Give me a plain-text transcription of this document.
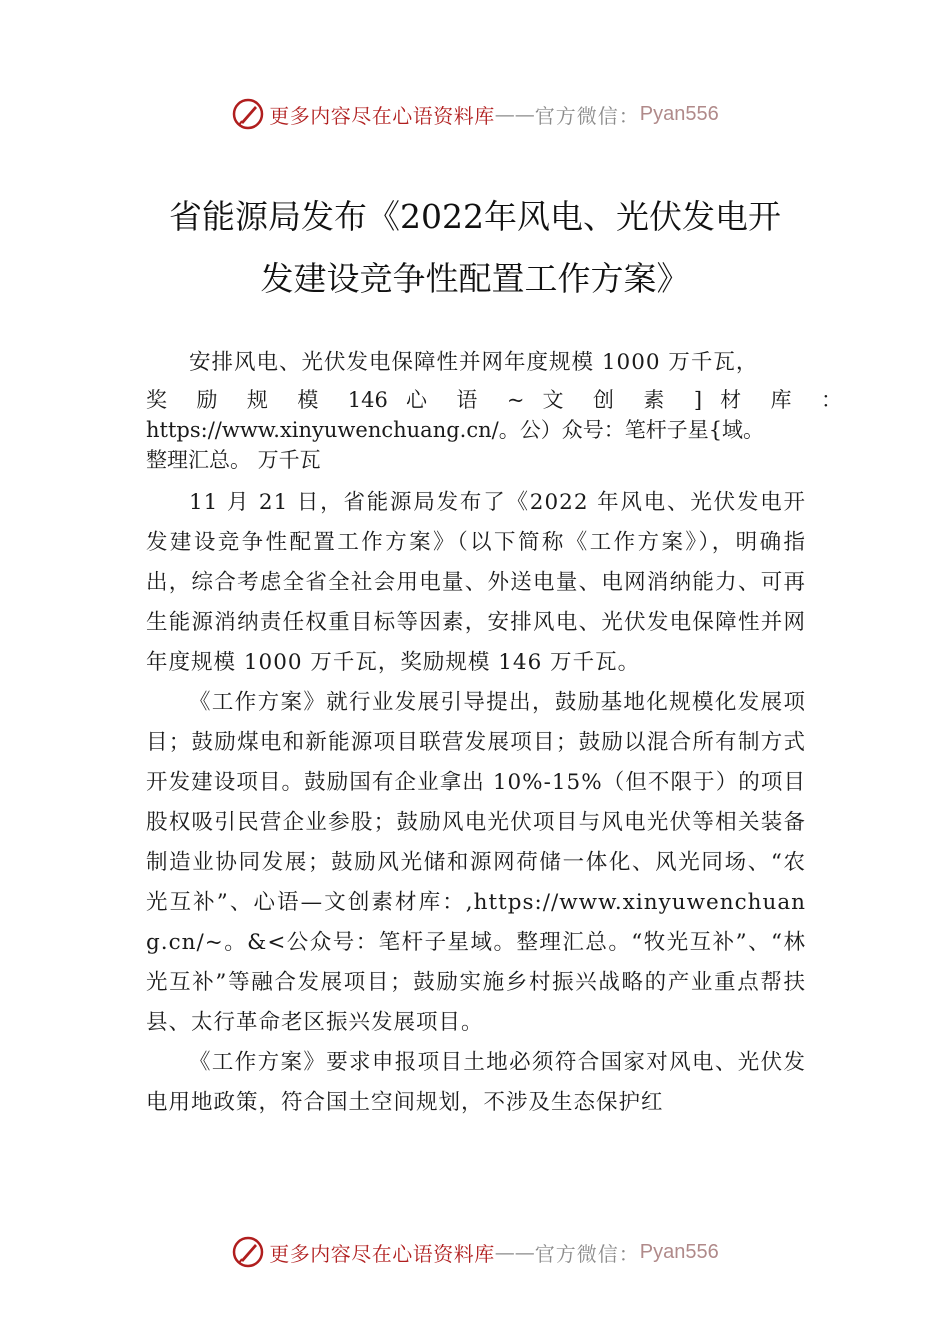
更多内容尽在心语资料库 —— 官方微信： Pyan556
省能源局发布《2022年风电、光伏发电开
发建设竞争性配置工作方案》

安排风电、光伏发电保障性并网年度规模 1000 万千瓦，

奖 励 规 模 146 心 语 ~ 文 创 素 ] 材 库 ：
https://www.xinyuwenchuang.cn/。公）众号：笔杆子星{域。
整理汇总。 万千瓦

11 月 21 日，省能源局发布了《2022 年风电、光伏发电开发建设竞争性配置工作方案》（以下简称《工作方案》），明确指出，综合考虑全省全社会用电量、外送电量、电网消纳能力、可再生能源消纳责任权重目标等因素，安排风电、光伏发电保障性并网年度规模 1000 万千瓦，奖励规模 146 万千瓦。

《工作方案》就行业发展引导提出，鼓励基地化规模化发展项目；鼓励煤电和新能源项目联营发展项目；鼓励以混合所有制方式开发建设项目。鼓励国有企业拿出 10%-15%（但不限于）的项目股权吸引民营企业参股；鼓励风电光伏项目与风电光伏等相关装备制造业协同发展；鼓励风光储和源网荷储一体化、风光同场、“农光互补”、心语—文创素材库：,https://www.xinyuwenchuang.cn/~。&<公众号：笔杆子星域。整理汇总。“牧光互补”、“林光互补”等融合发展项目；鼓励实施乡村振兴战略的产业重点帮扶县、太行革命老区振兴发展项目。

《工作方案》要求申报项目土地必须符合国家对风电、光伏发电用地政策，符合国土空间规划，不涉及生态保护红

更多内容尽在心语资料库 —— 官方微信： Pyan556
